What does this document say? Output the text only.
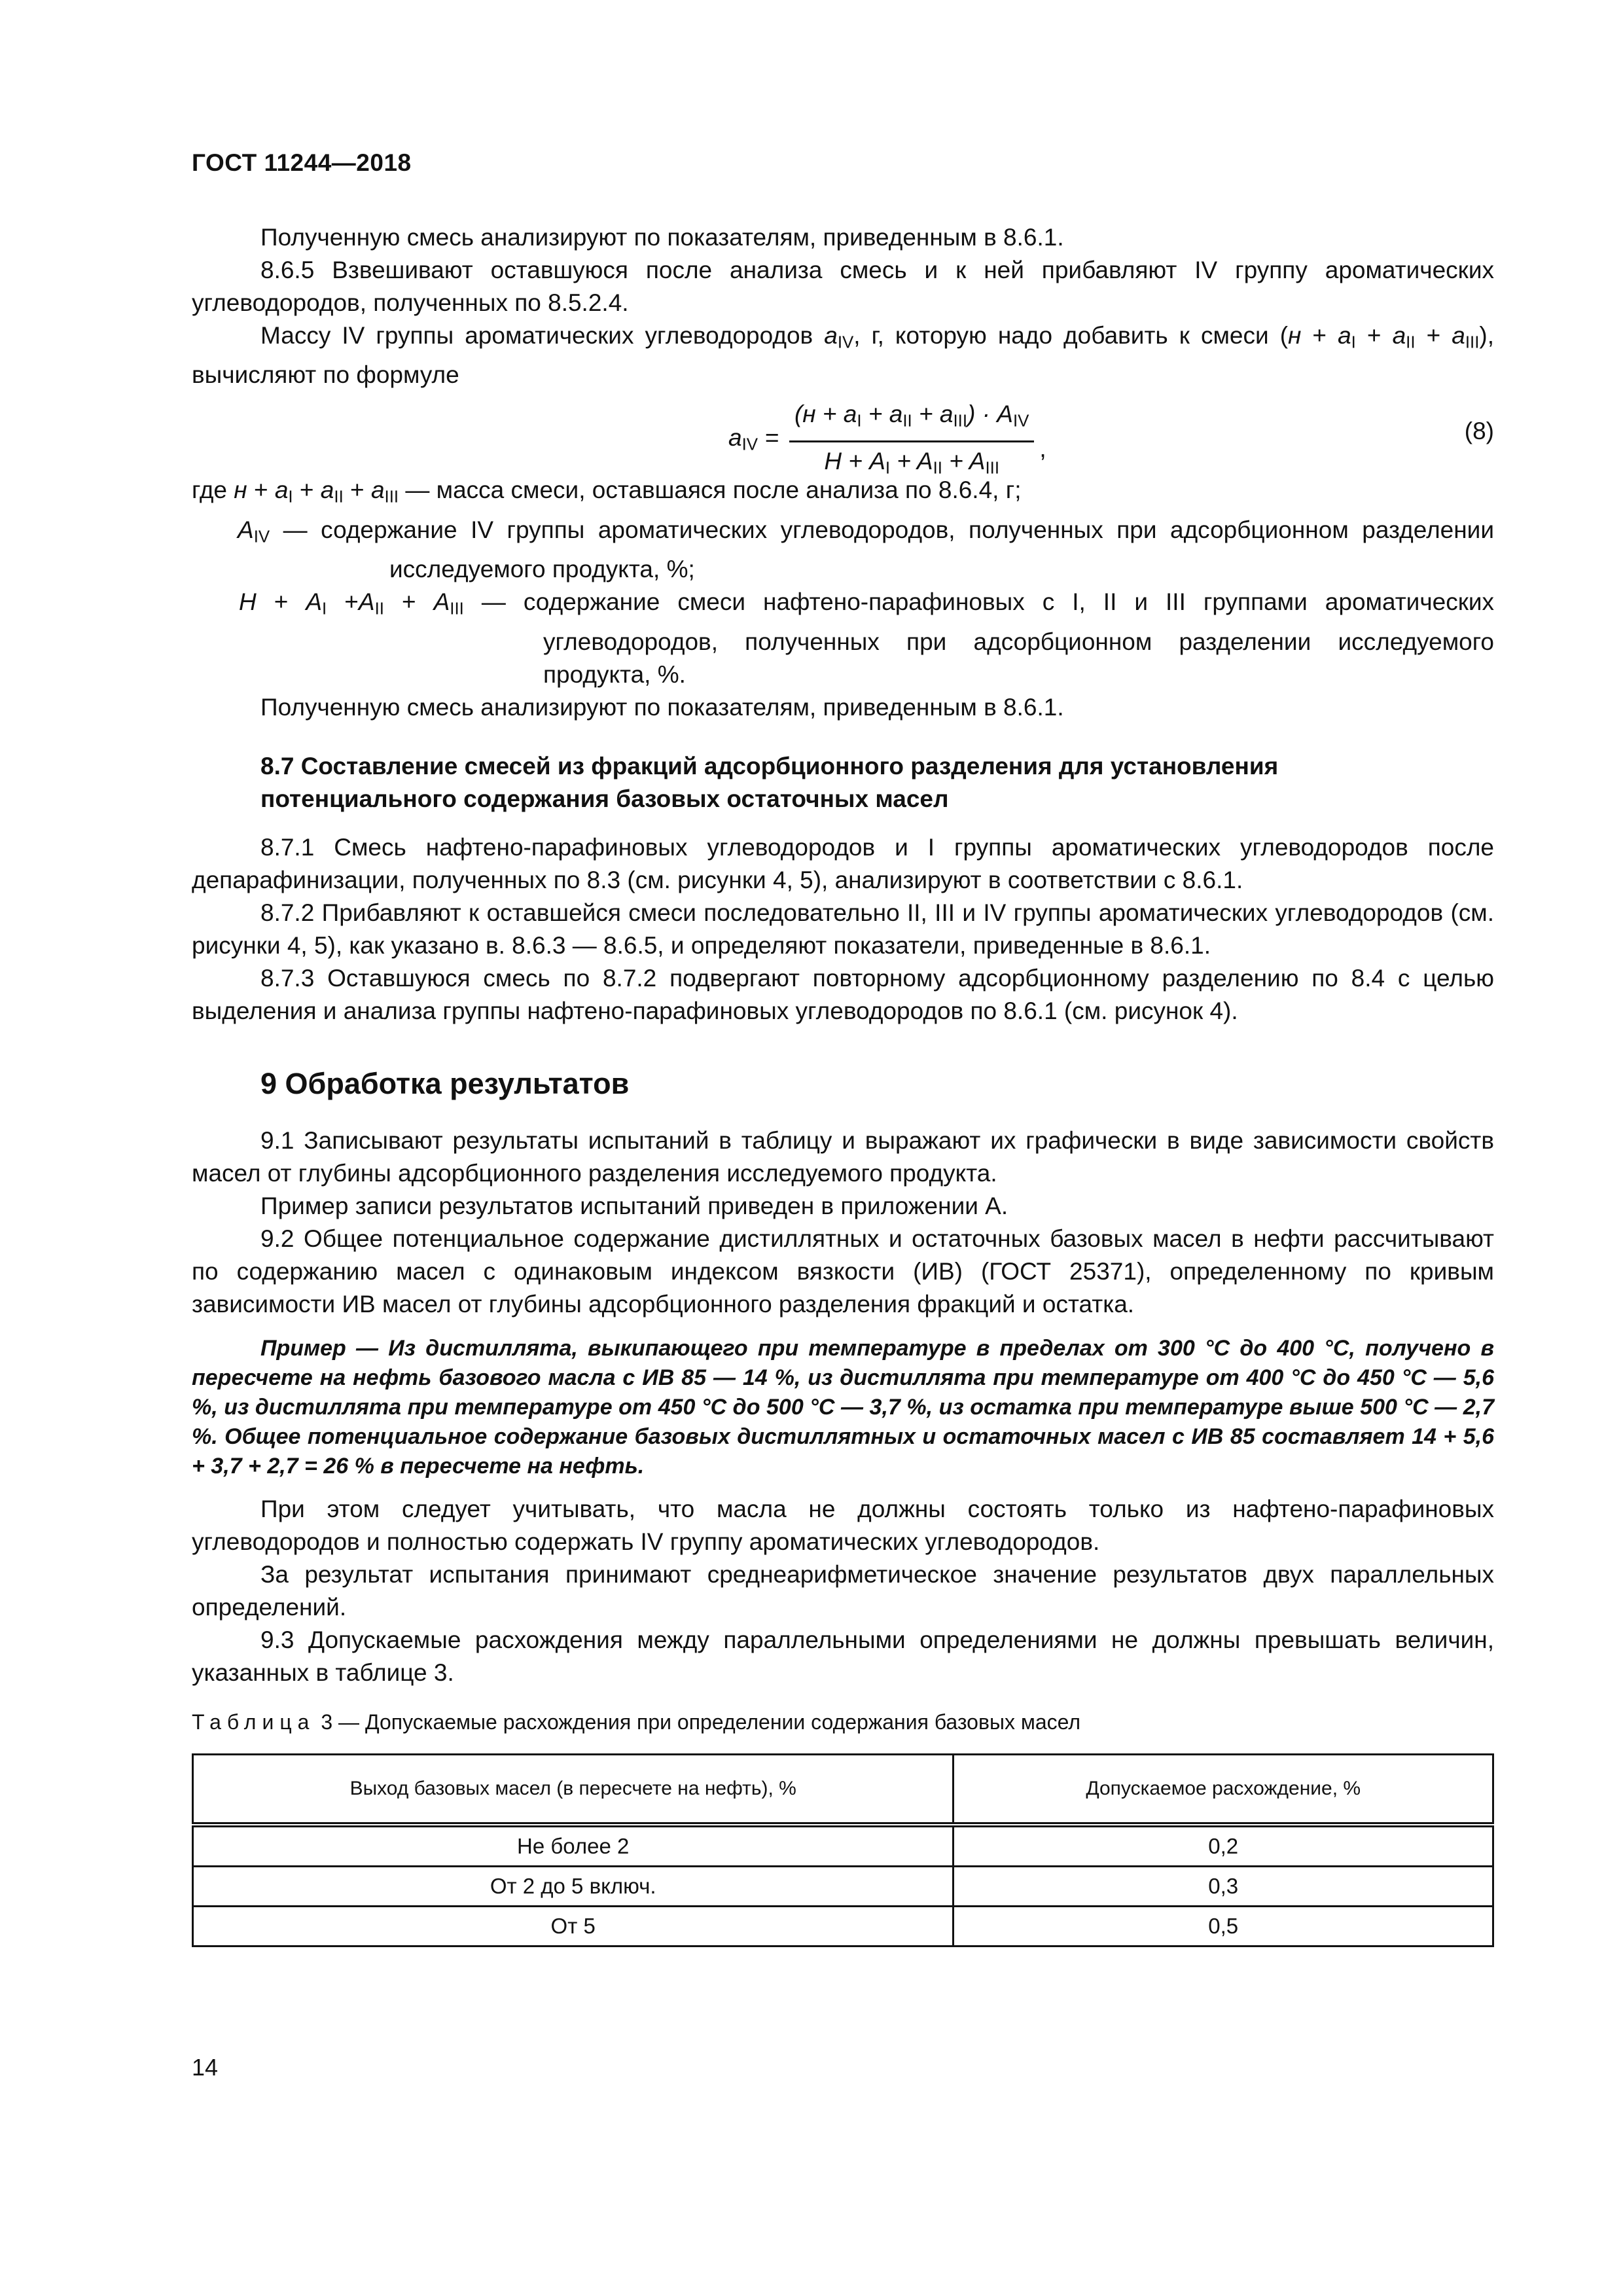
ГОСТ 11244—2018

Полученную смесь анализируют по показателям, приведенным в 8.6.1.

8.6.5 Взвешивают оставшуюся после анализа смесь и к ней прибавляют IV группу ароматических углеводородов, полученных по 8.5.2.4.

Массу IV группы ароматических углеводородов $a_{IV}$, г, которую надо добавить к смеси $(н + a_I + a_{II} + a_{III})$, вычисляют по формуле

$a_{IV} = \frac{(н + a_I + a_{II} + a_{III}) \cdot A_{IV}}{Н + A_I + A_{II} + A_{III}}$ ,
(8)

где $н + a_I + a_{II} + a_{III}$ — масса смеси, оставшаяся после анализа по 8.6.4, г;

$A_{IV}$ — содержание IV группы ароматических углеводородов, полученных при адсорбционном разделении исследуемого продукта, %;

$Н + A_I +A_{II} + A_{III}$ — содержание смеси нафтено-парафиновых с I, II и III группами ароматических углеводородов, полученных при адсорбционном разделении исследуемого продукта, %.

Полученную смесь анализируют по показателям, приведенным в 8.6.1.

8.7 Составление смесей из фракций адсорбционного разделения для установления потенциального содержания базовых остаточных масел

8.7.1 Смесь нафтено-парафиновых углеводородов и I группы ароматических углеводородов после депарафинизации, полученных по 8.3 (см. рисунки 4, 5), анализируют в соответствии с 8.6.1.

8.7.2 Прибавляют к оставшейся смеси последовательно II, III и IV группы ароматических углеводородов (см. рисунки 4, 5), как указано в. 8.6.3 — 8.6.5, и определяют показатели, приведенные в 8.6.1.

8.7.3 Оставшуюся смесь по 8.7.2 подвергают повторному адсорбционному разделению по 8.4 с целью выделения и анализа группы нафтено-парафиновых углеводородов по 8.6.1 (см. рисунок 4).

9 Обработка результатов

9.1 Записывают результаты испытаний в таблицу и выражают их графически в виде зависимости свойств масел от глубины адсорбционного разделения исследуемого продукта.

Пример записи результатов испытаний приведен в приложении А.

9.2 Общее потенциальное содержание дистиллятных и остаточных базовых масел в нефти рассчитывают по содержанию масел с одинаковым индексом вязкости (ИВ) (ГОСТ 25371), определенному по кривым зависимости ИВ масел от глубины адсорбционного разделения фракций и остатка.

Пример — Из дистиллята, выкипающего при температуре в пределах от 300 °С до 400 °С, получено в пересчете на нефть базового масла с ИВ 85 — 14 %, из дистиллята при температуре от 400 °С до 450 °С — 5,6 %, из дистиллята при температуре от 450 °С до 500 °С — 3,7 %, из остатка при температуре выше 500 °С — 2,7 %. Общее потенциальное содержание базовых дистиллятных и остаточных масел с ИВ 85 составляет 14 + 5,6 + 3,7 + 2,7 = 26 % в пересчете на нефть.

При этом следует учитывать, что масла не должны состоять только из нафтено-парафиновых углеводородов и полностью содержать IV группу ароматических углеводородов.

За результат испытания принимают среднеарифметическое значение результатов двух параллельных определений.

9.3 Допускаемые расхождения между параллельными определениями не должны превышать величин, указанных в таблице 3.

Таблица 3 — Допускаемые расхождения при определении содержания базовых масел
Выход базовых масел (в пересчете на нефть), %	Допускаемое расхождение, %
Не более 2	0,2
От 2 до 5 включ.	0,3
От 5	0,5
14
